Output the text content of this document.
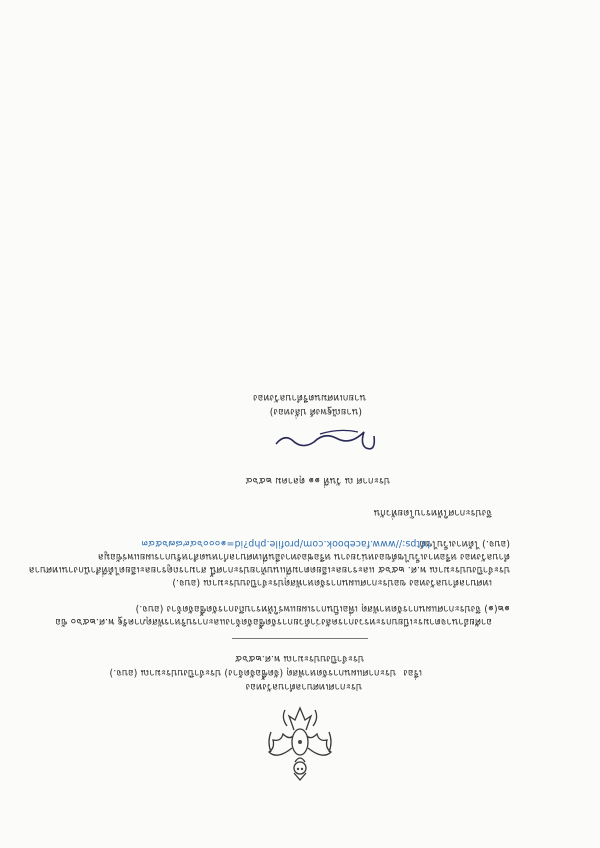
ประกาศเทศบาลตำบลวังทอง
เรื่อง
ประกาศแผนการจัดหาพัสดุ (จัดซื้อจัดจ้าง) ประจำปีงบประมาณ (อบจ.)
ประจำปีงบประมาณ พ.ศ.๒๕๖๕
อาศัยอำนาจตามระเบียบกระทรวงการคลังว่าด้วยการจัดซื้อจัดจ้างและการบริหารพัสดุภาครัฐ พ.ศ.๒๕๖๐ ข้อ
๑๒(๑) จึงประกาศแผนการจัดหาพัสดุ เพื่อเป็นการเผยแพร่ให้ทราบถึงการจัดซื้อจัดจ้าง (อบจ.)
เทศบาลตำบลวังทอง ขอประกาศแผนการจัดหาพัสดุประจำปีงบประมาณ (อบจ.)
ประจำปีงบประมาณ พ.ศ. ๒๕๖๕ และรายละเอียดตามที่แนบท้ายประกาศนี้ สามารถดูรายละเอียดได้ที่สำนักงานเทศบาล
ตำบลวังทอง หรือทางเว็บไซต์ของหน่วยงาน หรือช่องทางอื่นที่เทศบาลกำหนดสำหรับการเผยแพร่ข้อมูล
(อบจ.) ได้ทางเว็บไซต์
https://www.facebook.com/profile.php?id=๑๐๐๐๖๔๙๘๗๖๕๔๓
จึงประกาศให้ทราบโดยทั่วกัน
ประกาศ ณ วันที่ ๑๑ ตุลาคม ๒๕๖๔
(นายณัฐพงศ์ ปลั่งทอง)
นายกเทศมนตรีตำบลวังทอง
